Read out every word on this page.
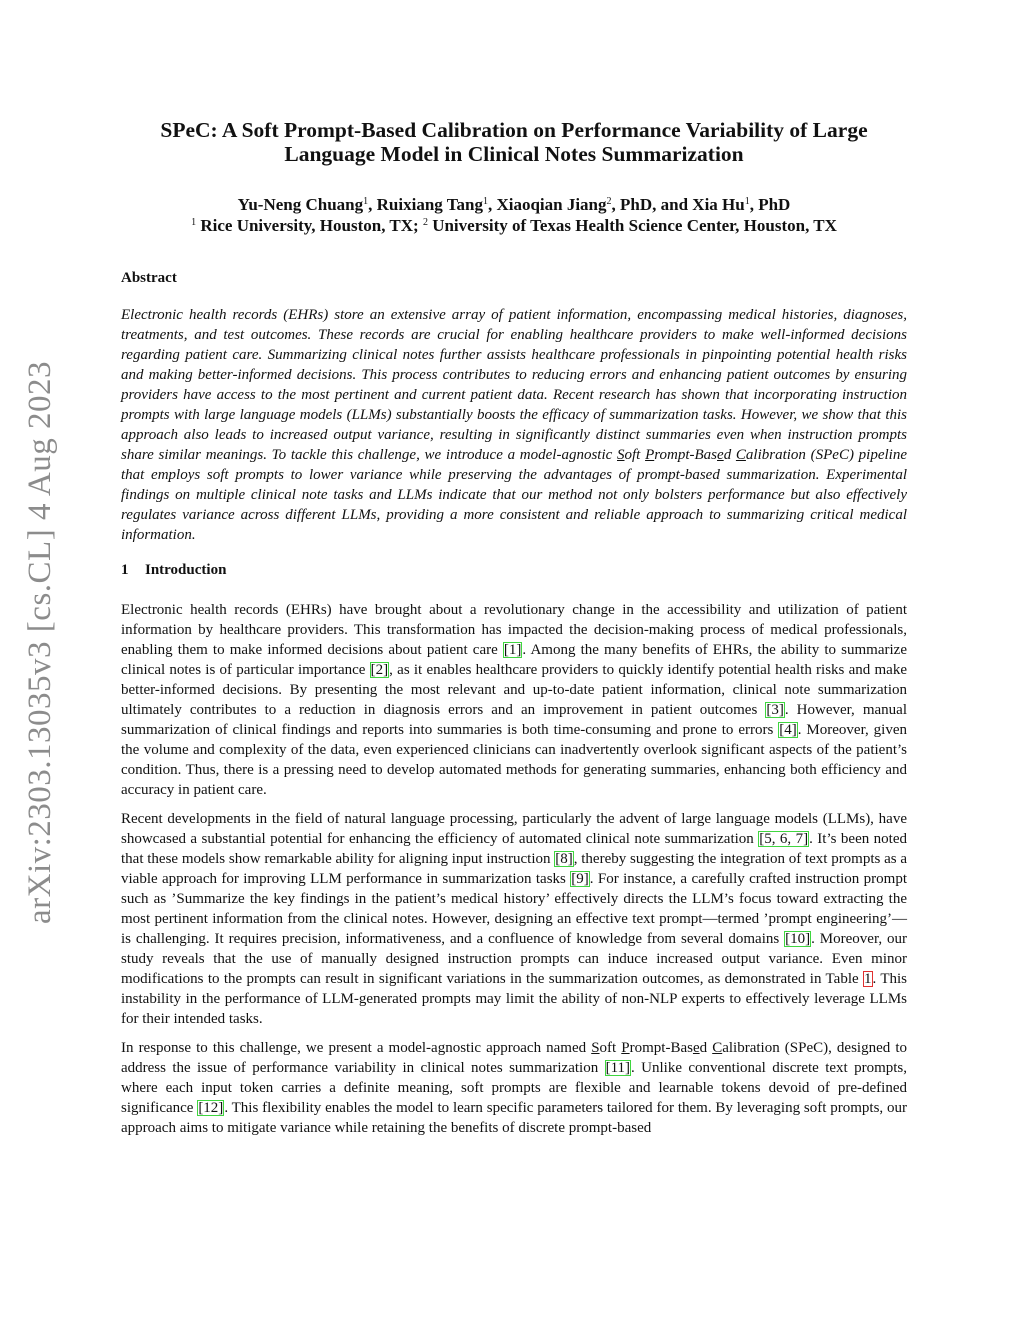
arXiv:2303.13035v3 [cs.CL] 4 Aug 2023
SPeC: A Soft Prompt-Based Calibration on Performance Variability of Large
Language Model in Clinical Notes Summarization
Yu-Neng Chuang$^1$, Ruixiang Tang$^1$, Xiaoqian Jiang$^2$, PhD, and Xia Hu$^1$, PhD
$^1$ Rice University, Houston, TX; $^2$ University of Texas Health Science Center, Houston, TX
Abstract

Electronic health records (EHRs) store an extensive array of patient information, encompassing medical histories, diagnoses, treatments, and test outcomes. These records are crucial for enabling healthcare providers to make well-informed decisions regarding patient care. Summarizing clinical notes further assists healthcare professionals in pinpointing potential health risks and making better-informed decisions. This process contributes to reducing errors and enhancing patient outcomes by ensuring providers have access to the most pertinent and current patient data. Recent research has shown that incorporating instruction prompts with large language models (LLMs) substantially boosts the efficacy of summarization tasks. However, we show that this approach also leads to increased output variance, resulting in significantly distinct summaries even when instruction prompts share similar meanings. To tackle this challenge, we introduce a model-agnostic Soft Prompt-Based Calibration (SPeC) pipeline that employs soft prompts to lower variance while preserving the advantages of prompt-based summarization. Experimental findings on multiple clinical note tasks and LLMs indicate that our method not only bolsters performance but also effectively regulates variance across different LLMs, providing a more consistent and reliable approach to summarizing critical medical information.

1 Introduction

Electronic health records (EHRs) have brought about a revolutionary change in the accessibility and utilization of patient information by healthcare providers. This transformation has impacted the decision-making process of medical professionals, enabling them to make informed decisions about patient care [1]. Among the many benefits of EHRs, the ability to summarize clinical notes is of particular importance [2], as it enables healthcare providers to quickly identify potential health risks and make better-informed decisions. By presenting the most relevant and up-to-date patient information, clinical note summarization ultimately contributes to a reduction in diagnosis errors and an improvement in patient outcomes [3]. However, manual summarization of clinical findings and reports into summaries is both time-consuming and prone to errors [4]. Moreover, given the volume and complexity of the data, even experienced clinicians can inadvertently overlook significant aspects of the patient’s condition. Thus, there is a pressing need to develop automated methods for generating summaries, enhancing both efficiency and accuracy in patient care.

Recent developments in the field of natural language processing, particularly the advent of large language models (LLMs), have showcased a substantial potential for enhancing the efficiency of automated clinical note summarization [5, 6, 7]. It’s been noted that these models show remarkable ability for aligning input instruction [8], thereby suggesting the integration of text prompts as a viable approach for improving LLM performance in summarization tasks [9]. For instance, a carefully crafted instruction prompt such as ’Summarize the key findings in the patient’s medical history’ effectively directs the LLM’s focus toward extracting the most pertinent information from the clinical notes. However, designing an effective text prompt—termed ’prompt engineering’—is challenging. It requires precision, informativeness, and a confluence of knowledge from several domains [10]. Moreover, our study reveals that the use of manually designed instruction prompts can induce increased output variance. Even minor modifications to the prompts can result in significant variations in the summarization outcomes, as demonstrated in Table 1. This instability in the performance of LLM-generated prompts may limit the ability of non-NLP experts to effectively leverage LLMs for their intended tasks.

In response to this challenge, we present a model-agnostic approach named Soft Prompt-Based Calibration (SPeC), designed to address the issue of performance variability in clinical notes summarization [11]. Unlike conventional discrete text prompts, where each input token carries a definite meaning, soft prompts are flexible and learnable tokens devoid of pre-defined significance [12]. This flexibility enables the model to learn specific parameters tailored for them. By leveraging soft prompts, our approach aims to mitigate variance while retaining the benefits of discrete prompt-based
